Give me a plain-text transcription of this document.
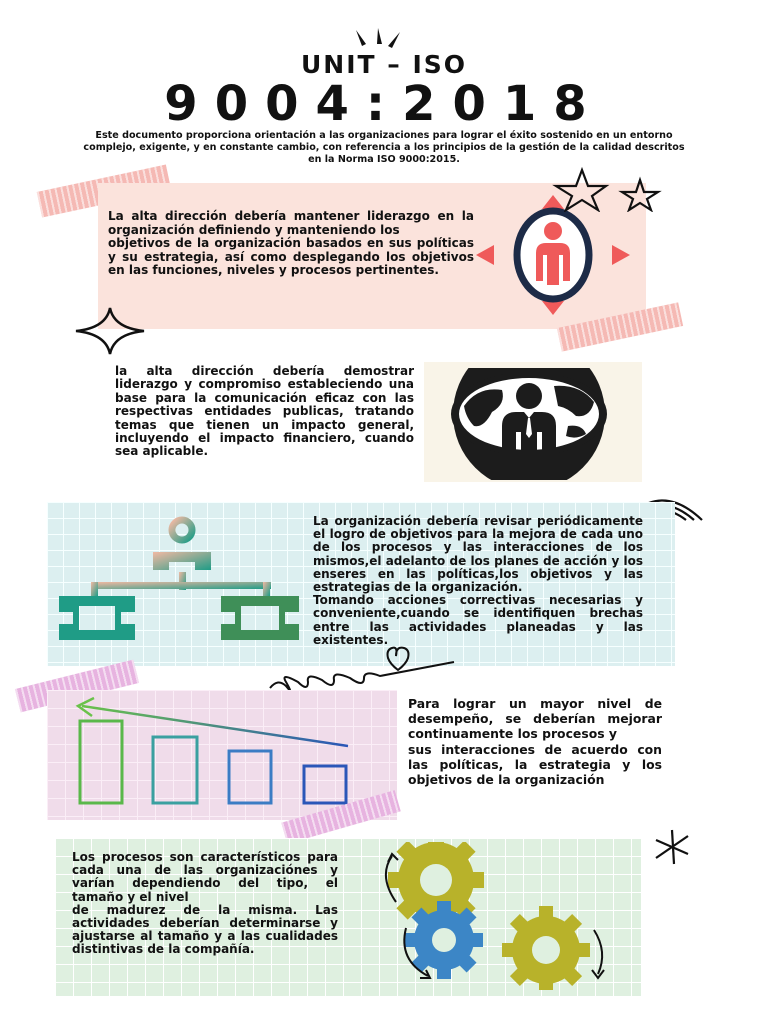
UNIT – ISO
9004:2018
Este documento proporciona orientación a las organizaciones para lograr el éxito sostenido en un entorno complejo, exigente, y en constante cambio, con referencia a los principios de la gestión de la calidad descritos en la Norma ISO 9000:2015.
La alta dirección debería mantener liderazgo en la organización definiendo y manteniendo los
objetivos de la organización basados en sus políticas y su estrategia, así como desplegando los objetivos en las funciones, niveles y procesos pertinentes.
la alta dirección debería demostrar liderazgo y compromiso estableciendo una base para la comunicación eficaz con las respectivas entidades publicas, tratando temas que tienen un impacto general, incluyendo el impacto financiero, cuando sea aplicable.
La organización debería revisar periódicamente el logro de objetivos para la mejora de cada uno de los procesos y las interacciones de los mismos,el adelanto de los planes de acción y los enseres en las políticas,los objetivos y las estrategias de la organización.
Tomando acciones correctivas necesarias y conveniente,cuando se identifiquen brechas entre las actividades planeadas y las existentes.
Para lograr un mayor nivel de desempeño, se deberían mejorar continuamente los procesos y
sus interacciones de acuerdo con las políticas, la estrategia y los objetivos de la organización
Los procesos son característicos para cada una de las organizaciónes y varían dependiendo del tipo, el tamaño y el nivel
de madurez de la misma. Las actividades deberían determinarse y ajustarse al tamaño y a las cualidades distintivas de la compañía.
